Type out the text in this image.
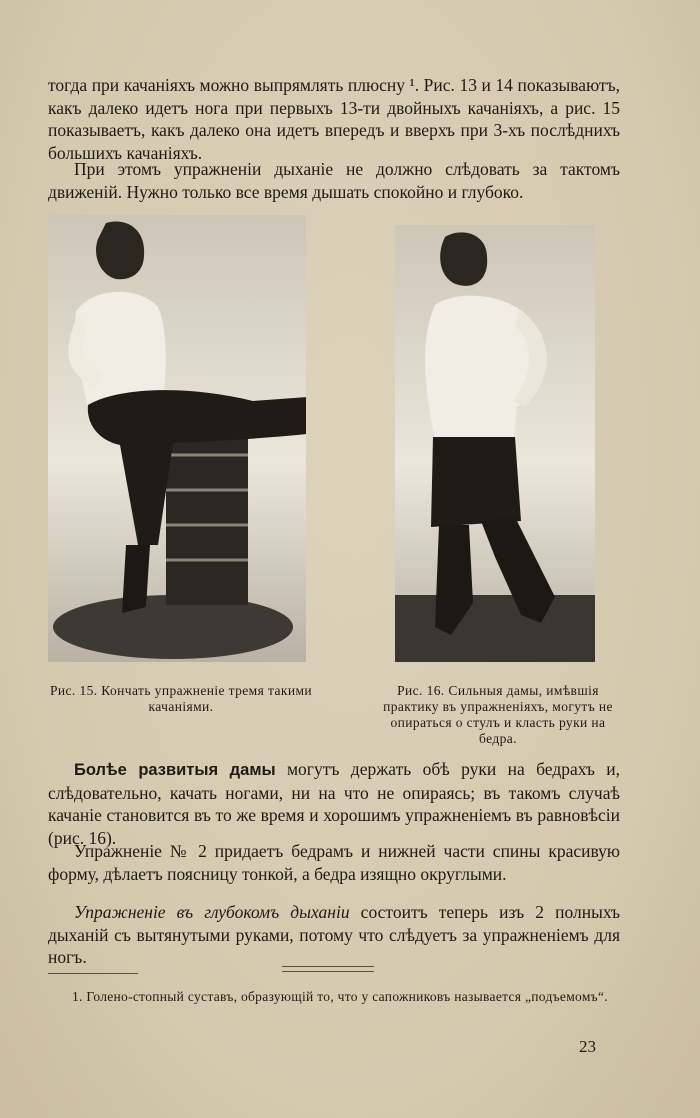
тогда при качаніяхъ можно выпрямлять плюсну ¹. Рис. 13 и 14 показываютъ, какъ далеко идетъ нога при первыхъ 13-ти двойныхъ качаніяхъ, а рис. 15 показываетъ, какъ далеко она идетъ впередъ и вверхъ при 3-хъ послѣднихъ большихъ качаніяхъ.
При этомъ упражненіи дыханіе не должно слѣдовать за тактомъ движеній. Нужно только все время дышать спокойно и глубоко.
Рис. 15. Кончать упражненіе тремя такими качаніями.
Рис. 16. Сильныя дамы, имѣвшія практику въ упражненіяхъ, могутъ не опираться о стулъ и класть руки на бедра.
Болѣе развитыя дамы могутъ держать обѣ руки на бедрахъ и, слѣдовательно, качать ногами, ни на что не опираясь; въ такомъ случаѣ качаніе становится въ то же время и хорошимъ упражненіемъ въ равновѣсіи (рис. 16).
Упражненіе № 2 придаетъ бедрамъ и нижней части спины красивую форму, дѣлаетъ поясницу тонкой, а бедра изящно округлыми.
Упражненіе въ глубокомъ дыханіи состоитъ теперь изъ 2 полныхъ дыханій съ вытянутыми руками, потому что слѣдуетъ за упражненіемъ для ногъ.
1. Голено-стопный суставъ, образующій то, что у сапожниковъ называется „подъемомъ“.
23
